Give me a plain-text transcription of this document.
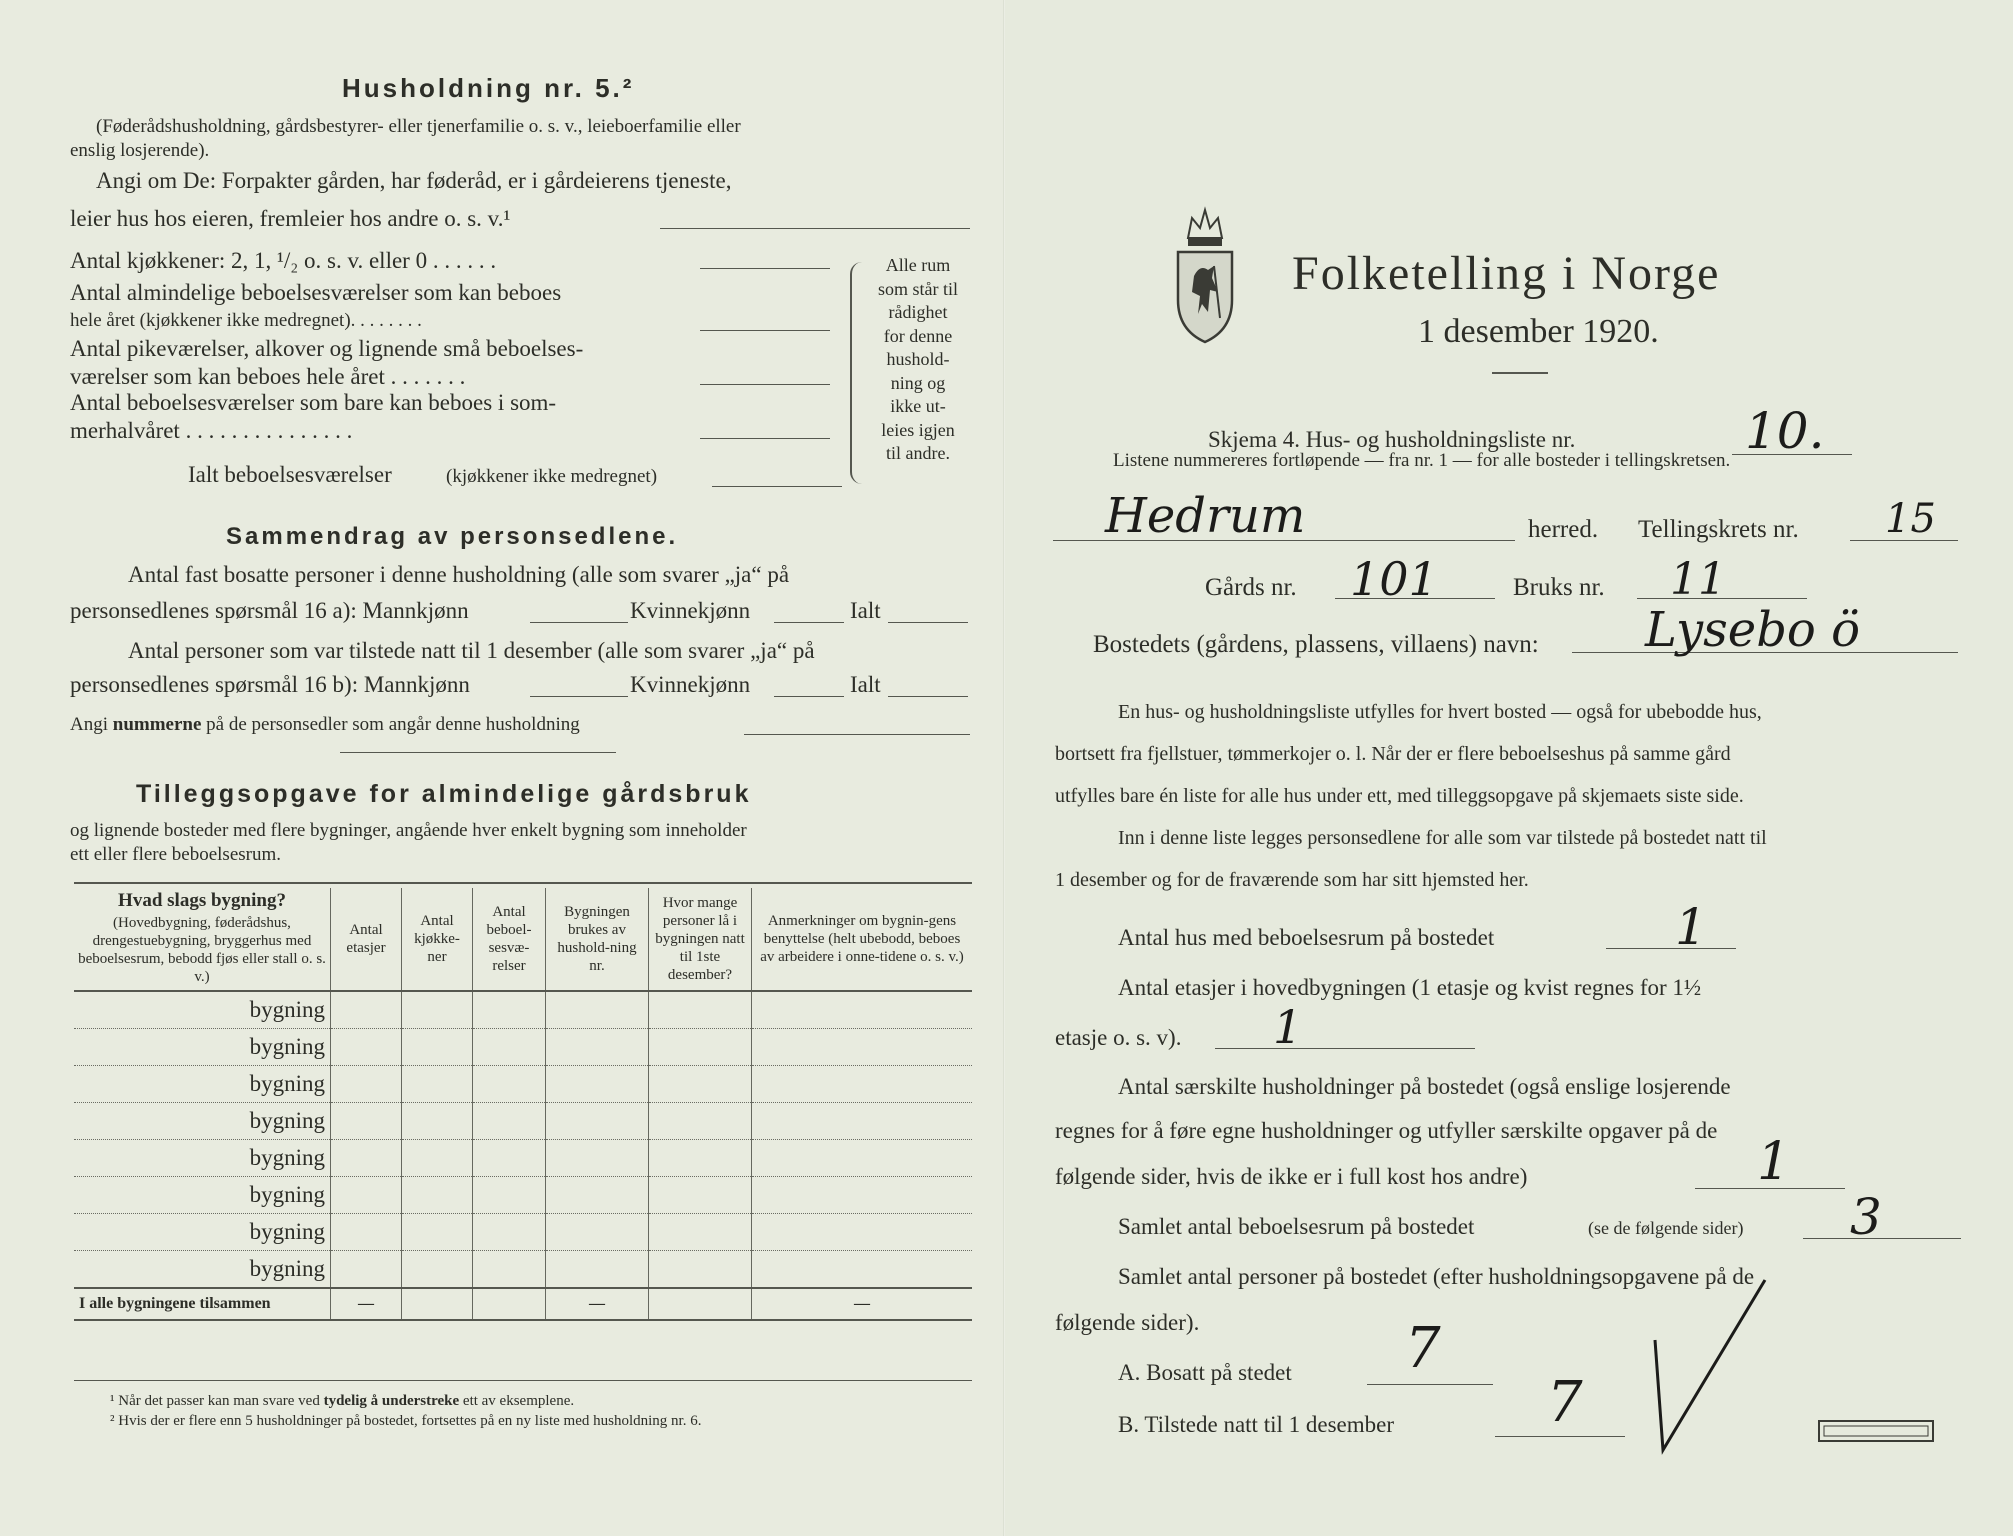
Husholdning nr. 5.²
(Føderådshusholdning, gårdsbestyrer- eller tjenerfamilie o. s. v., leieboerfamilie eller
enslig losjerende).
Angi om De: Forpakter gården, har føderåd, er i gårdeierens tjeneste,
leier hus hos eieren, fremleier hos andre o. s. v.¹
Antal kjøkkener: 2, 1, ¹/₂ o. s. v. eller 0 . . . . . .
Antal almindelige beboelsesværelser som kan beboes
hele året (kjøkkener ikke medregnet). . . . . . . .
Antal pikeværelser, alkover og lignende små beboelses-
værelser som kan beboes hele året . . . . . . .
Antal beboelsesværelser som bare kan beboes i som-
merhalvåret . . . . . . . . . . . . . . .
Ialt beboelsesværelser	(kjøkkener ikke medregnet)
Alle rum
som står til
rådighet
for denne
hushold-
ning og
ikke ut-
leies igjen
til andre.
Sammendrag av personsedlene.
Antal fast bosatte personer i denne husholdning (alle som svarer „ja“ på
personsedlenes spørsmål 16 a): Mannkjønn	Kvinnekjønn	Ialt
Antal personer som var tilstede natt til 1 desember (alle som svarer „ja“ på
personsedlenes spørsmål 16 b): Mannkjønn	Kvinnekjønn	Ialt
Angi nummerne på de personsedler som angår denne husholdning
Tilleggsopgave for almindelige gårdsbruk
og lignende bosteder med flere bygninger, angående hver enkelt bygning som inneholder
ett eller flere beboelsesrum.
Hvad slags bygning?
(Hovedbygning, føderådshus, drengestuebygning, bryggerhus med beboelsesrum, bebodd fjøs eller stall o. s. v.)	Antal etasjer	Antal kjøkke-ner	Antal beboel-sesvæ-relser	Bygningen brukes av hushold-ning nr.	Hvor mange personer lå i bygningen natt til 1ste desember?	Anmerkninger om bygnin-gens benyttelse (helt ubebodd, beboes av arbeidere i onne-tidene o. s. v.)
bygning						
bygning						
bygning						
bygning						
bygning						
bygning						
bygning						
bygning						
I alle bygningene tilsammen	—			—		—
¹ Når det passer kan man svare ved tydelig å understreke ett av eksemplene.
² Hvis der er flere enn 5 husholdninger på bostedet, fortsettes på en ny liste med husholdning nr. 6.
Folketelling i Norge
1 desember 1920.
Skjema 4. Hus- og husholdningsliste nr.	10.
Listene nummereres fortløpende — fra nr. 1 — for alle bosteder i tellingskretsen.
Hedrum	herred. Tellingskrets nr. 15
Gårds nr. 101	Bruks nr. 11
Bostedets (gårdens, plassens, villaens) navn: Lysebo ö
En hus- og husholdningsliste utfylles for hvert bosted — også for ubebodde hus,
bortsett fra fjellstuer, tømmerkojer o. l. Når der er flere beboelseshus på samme gård
utfylles bare én liste for alle hus under ett, med tilleggsopgave på skjemaets siste side.
Inn i denne liste legges personsedlene for alle som var tilstede på bostedet natt til
1 desember og for de fraværende som har sitt hjemsted her.
Antal hus med beboelsesrum på bostedet	1
Antal etasjer i hovedbygningen (1 etasje og kvist regnes for 1½
etasje o. s. v). 1
Antal særskilte husholdninger på bostedet (også enslige losjerende
regnes for å føre egne husholdninger og utfyller særskilte opgaver på de
følgende sider, hvis de ikke er i full kost hos andre)	1
Samlet antal beboelsesrum på bostedet	(se de følgende sider) 3
Samlet antal personer på bostedet (efter husholdningsopgavene på de
følgende sider).
A. Bosatt på stedet 7
B. Tilstede natt til 1 desember	7
